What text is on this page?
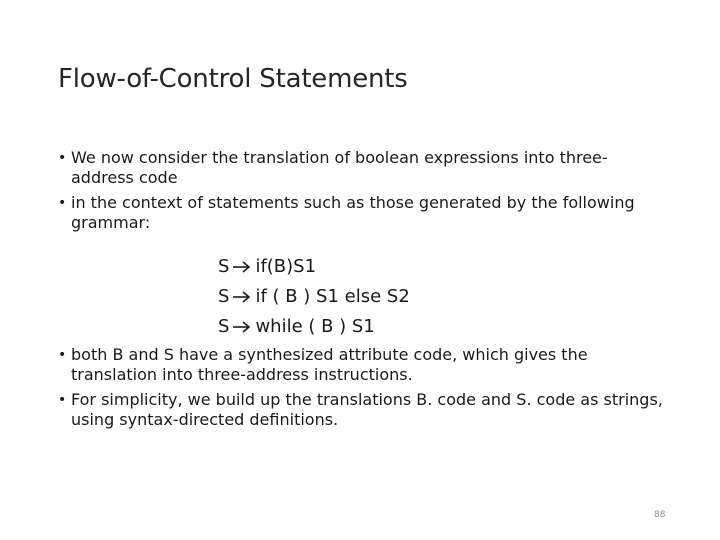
Flow-of-Control Statements
• We now consider the translation of boolean expressions into three-address code
• in the context of statements such as those generated by the following grammar:
S if(B)S1
S if ( B ) S1 else S2
S while ( B ) S1
• both B and S have a synthesized attribute code, which gives the translation into three-address instructions.
• For simplicity, we build up the translations B. code and S. code as strings, using syntax-directed definitions.
88
